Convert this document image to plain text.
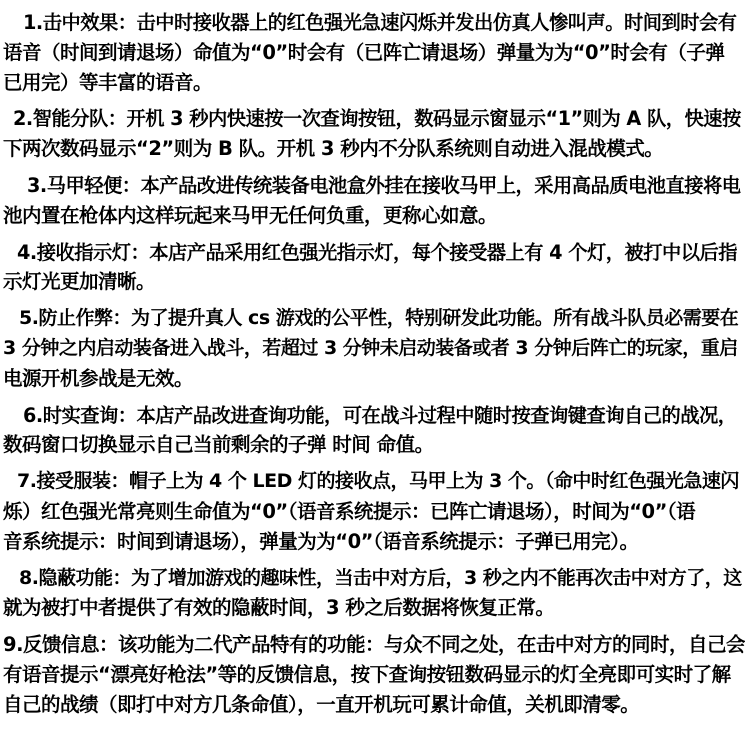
1.击中效果：击中时接收器上的红色强光急速闪烁并发出仿真人惨叫声。时间到时会有
语音（时间到请退场）命值为“0”时会有（已阵亡请退场）弹量为为“0”时会有（子弹
已用完）等丰富的语音。
2.智能分队：开机 3 秒内快速按一次查询按钮，数码显示窗显示“1”则为 A 队，快速按
下两次数码显示“2”则为 B 队。开机 3 秒内不分队系统则自动进入混战模式。
3.马甲轻便：本产品改进传统装备电池盒外挂在接收马甲上，采用高品质电池直接将电
池内置在枪体内这样玩起来马甲无任何负重，更称心如意。
4.接收指示灯：本店产品采用红色强光指示灯，每个接受器上有 4 个灯，被打中以后指
示灯光更加清晰。
5.防止作弊：为了提升真人 cs 游戏的公平性，特别研发此功能。所有战斗队员必需要在
3 分钟之内启动装备进入战斗，若超过 3 分钟未启动装备或者 3 分钟后阵亡的玩家，重启
电源开机参战是无效。
6.时实查询：本店产品改进查询功能，可在战斗过程中随时按查询键查询自己的战况，
数码窗口切换显示自己当前剩余的子弹 时间 命值。
7.接受服装：帽子上为 4 个 LED 灯的接收点，马甲上为 3 个。（命中时红色强光急速闪
烁）红色强光常亮则生命值为“0”（语音系统提示：已阵亡请退场），时间为“0”（语
音系统提示：时间到请退场），弹量为为“0”（语音系统提示：子弹已用完）。
8.隐蔽功能：为了增加游戏的趣味性，当击中对方后，3 秒之内不能再次击中对方了，这
就为被打中者提供了有效的隐蔽时间，3 秒之后数据将恢复正常。
9.反馈信息：该功能为二代产品特有的功能：与众不同之处，在击中对方的同时，自己会
有语音提示“漂亮好枪法”等的反馈信息，按下查询按钮数码显示的灯全亮即可实时了解
自己的战绩（即打中对方几条命值），一直开机玩可累计命值，关机即清零。
